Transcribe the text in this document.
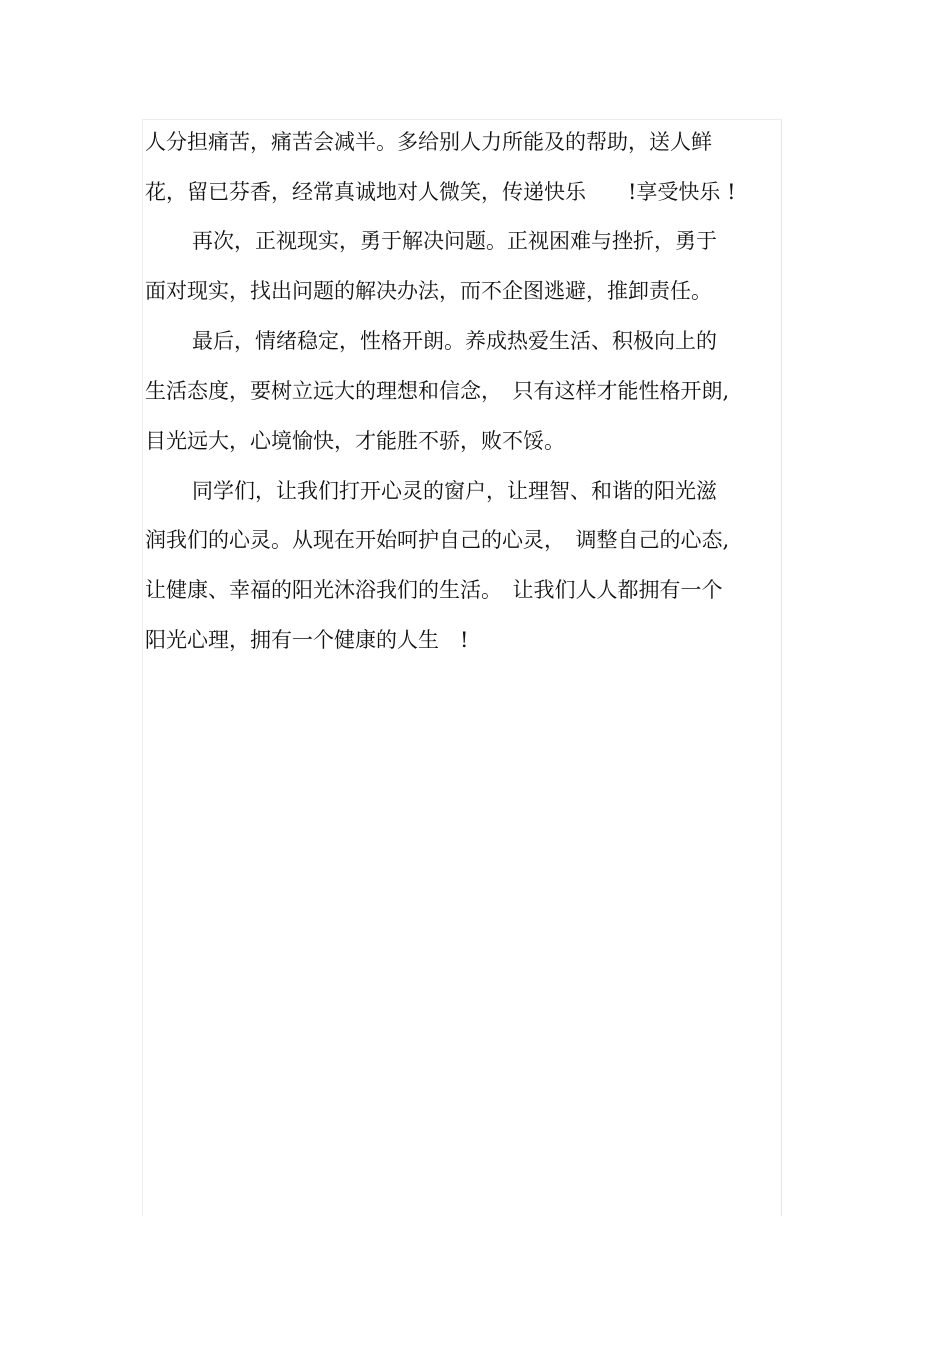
人分担痛苦，痛苦会减半。多给别人力所能及的帮助，送人鲜
花，留已芬香，经常真诚地对人微笑，传递快乐　　!享受快乐 !
再次，正视现实，勇于解决问题。正视困难与挫折，勇于
面对现实，找出问题的解决办法，而不企图逃避，推卸责任。
最后，情绪稳定，性格开朗。养成热爱生活、积极向上的
生活态度，要树立远大的理想和信念，　只有这样才能性格开朗,
目光远大，心境愉快，才能胜不骄，败不馁。
同学们，让我们打开心灵的窗户，让理智、和谐的阳光滋
润我们的心灵。从现在开始呵护自己的心灵，　调整自己的心态,
让健康、幸福的阳光沐浴我们的生活。　让我们人人都拥有一个
阳光心理，拥有一个健康的人生　!
